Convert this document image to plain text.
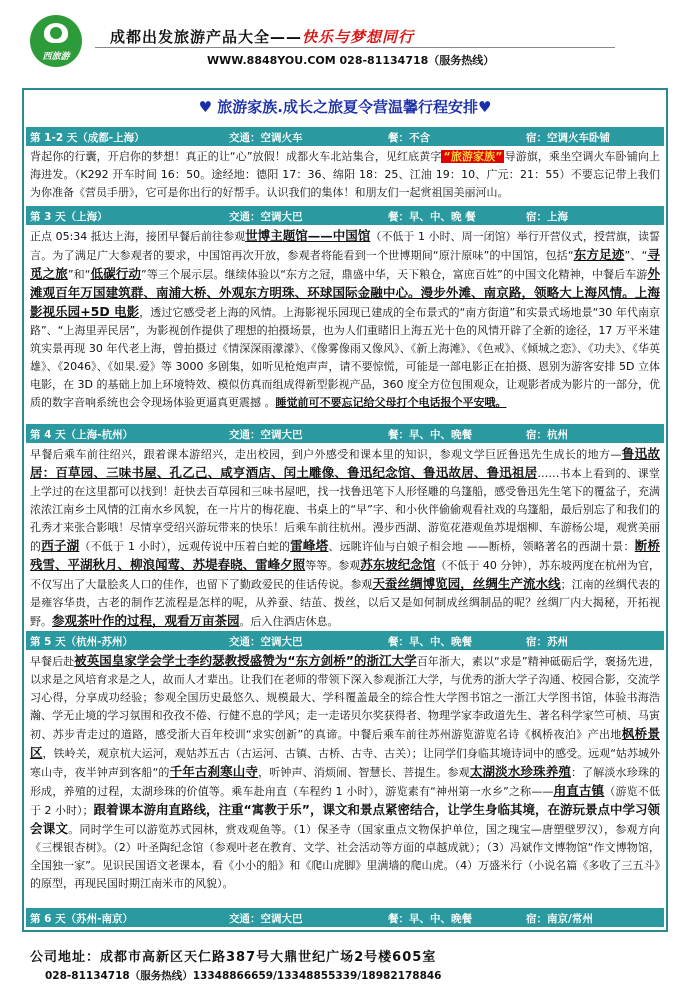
西旅游
成都出发旅游产品大全——快乐与梦想同行
WWW.8848YOU.COM 028-81134718（服务热线）
♥ 旅游家族.成长之旅夏令营温馨行程安排♥
第 1-2 天（成都-上海）	交通：空调火车	餐：不含	宿：空调火车卧铺
背起你的行囊，开启你的梦想！真正的让“心”放假！成都火车北站集合，见红底黄字 “旅游家族” 导游旗，乘坐空调火车卧铺向上海进发。（K292 开车时间 16：50。途经地：德阳 17：36、绵阳 18：25、江油 19：10、广元：21：55）不要忘记带上我们为你准备《营员手册》，它可是你出行的好帮手。认识我们的集体！和朋友们一起赏祖国美丽河山。
第 3 天（上海）	交通：空调大巴	餐：早、中、晚 餐	宿：上海
正点 05:34 抵达上海，接团早餐后前往参观世博主题馆——中国馆（不低于 1 小时、周一闭馆）举行开营仪式，授营旗，读誓言。为了满足广大参观者的要求，中国馆再次开放，参观者将能看到一个世博期间“原汁原味”的中国馆，包括“东方足迹”、“寻觅之旅”和“低碳行动”等三个展示层。继续体验以“东方之冠，鼎盛中华，天下粮仓，富庶百姓”的中国文化精神，中餐后车游外滩观百年万国建筑群、南浦大桥、外观东方明珠、环球国际金融中心。漫步外滩、南京路，领略大上海风情。上海影视乐园+5D 电影，透过它感受老上海的风情。上海影视乐园现已建成的全布景式的“南方街道”和实景式场地景“30 年代南京路”、“上海里弄民居”，为影视创作提供了理想的拍摄场景，也为人们重睹旧上海五光十色的风情开辟了全新的途径，17 万平米建筑实景再现 30 年代老上海，曾拍摄过《情深深雨濛濛》、《像雾像雨又像风》、《新上海滩》、《色戒》、《倾城之恋》、《功夫》、《华英雄》、《2046》、《如果.爱》等 3000 多剧集，如听见枪炮声声，请不要惊慌，可能是一部电影正在拍摄、恩别为游客安排 5D 立体电影，在 3D 的基础上加上环境特效、模似仿真而组成得新型影视产品，360 度全方位包围观众，让观影者成为影片的一部分，优质的数字音响系统也会令现场体验更逼真更震撼 。睡觉前可不要忘记给父母打个电话报个平安哦。
第 4 天（上海-杭州）	交通：空调大巴	餐：早、中、晚餐	宿：杭州
早餐后乘车前往绍兴，跟着课本游绍兴，走出校园，到户外感受和课本里的知识，参观文学巨匠鲁迅先生成长的地方—鲁迅故居：百草园、三味书屋、孔乙己、咸亨酒店、闰土雕像、鲁迅纪念馆、鲁迅故居、鲁迅祖居……书本上看到的、课堂上学过的在这里都可以找到！赶快去百草园和三味书屋吧，找一找鲁迅笔下人形怪雕的乌篷船，感受鲁迅先生笔下的覆盆子，充满浓浓江南乡土风情的江南水乡风貌，在一片片的梅花鹿、书桌上的“早”字、和小伙伴偷偷观看社戏的乌篷船，最后别忘了和我们的孔秀才来张合影哦！尽情享受绍兴游玩带来的快乐！后乘车前往杭州。漫步西湖、游览花港观鱼苏堤烟柳、车游杨公堤，观赏美丽的西子湖（不低于 1 小时），远观传说中压着白蛇的雷峰塔、远眺许仙与白娘子相会地 ——断桥，领略著名的西湖十景：断桥残雪、平湖秋月、柳浪闻莺、苏堤春晓、雷峰夕照等等。参观苏东坡纪念馆（不低于 40 分钟），苏东坡两度在杭州为官，不仅写出了大量脍炙人口的佳作，也留下了勤政爱民的佳话传说。参观天蚕丝绸博览园，丝绸生产流水线；江南的丝绸代表的是雍容华贵，古老的制作艺流程是怎样的呢，从养蚕、结茧、拨丝，以后又是如何制成丝绸制品的呢？丝绸厂内大揭秘，开拓视野。参观茶叶作的过程，观看万亩茶园。后入住酒店休息。
第 5 天（杭州-苏州）	交通：空调大巴	餐：早、中、晚餐	宿：苏州
早餐后赴被英国皇家学会学士李约瑟教授盛赞为“东方剑桥”的浙江大学百年浙大，素以“求是”精神砥砺后学，褒扬先进，以求是之风培育求是之人，故而人才辈出。让我们在老师的带领下深入参观浙江大学，与优秀的浙大学子沟通、校园合影，交流学习心得，分享成功经验；参观全国历史最悠久、规模最大、学科覆盖最全的综合性大学图书馆之一浙江大学图书馆，体验书海浩瀚、学无止境的学习氛围和孜孜不倦、行健不息的学风；走一走诺贝尔奖获得者、物理学家李政道先生、著名科学家竺可桢、马寅初、苏步青走过的道路，感受浙大百年校训“求实创新”的真谛。中餐后乘车前往苏州游览游览名诗《枫桥夜泊》产出地枫桥景区，铁岭关，观京杭大运河，观姑苏五古（古运河、古镇、古桥、古寺、古关）；让同学们身临其境诗词中的感受。远观“姑苏城外寒山寺，夜半钟声到客船“的千年古刹寒山寺，听钟声、消烦闹、智慧长、菩提生。参观太湖淡水珍珠养殖：了解淡水珍珠的形成，养殖的过程，太湖珍珠的价值等。乘车赴甪直（车程约 1 小时），游览素有“神州第一水乡”之称——甪直古镇（游览不低于 2 小时）；跟着课本游甪直路线，注重“寓教于乐”，课文和景点紧密结合，让学生身临其境，在游玩景点中学习领会课文。同时学生可以游览苏式园林，赏戏观鱼等。（1）保圣寺（国家重点文物保护单位，国之瑰宝—唐塑壁罗汉），参观方向《三棵银杏树》。（2）叶圣陶纪念馆（参观叶老在教育、文学、社会活动等方面的卓越成就）；（3）冯斌作文博物馆“作文博物馆，全国独一家”。见识民国语文老课本，看《小小的船》和《爬山虎脚》里满墙的爬山虎。（4）万盛米行（小说名篇《多收了三五斗》的原型，再现民国时期江南米市的风貌）。
第 6 天（苏州-南京）	交通：空调大巴	餐：早、中、晚餐	宿：南京/常州
公司地址：成都市高新区天仁路387号大鼎世纪广场2号楼605室
028-81134718（服务热线）13348866659/13348855339/18982178846
